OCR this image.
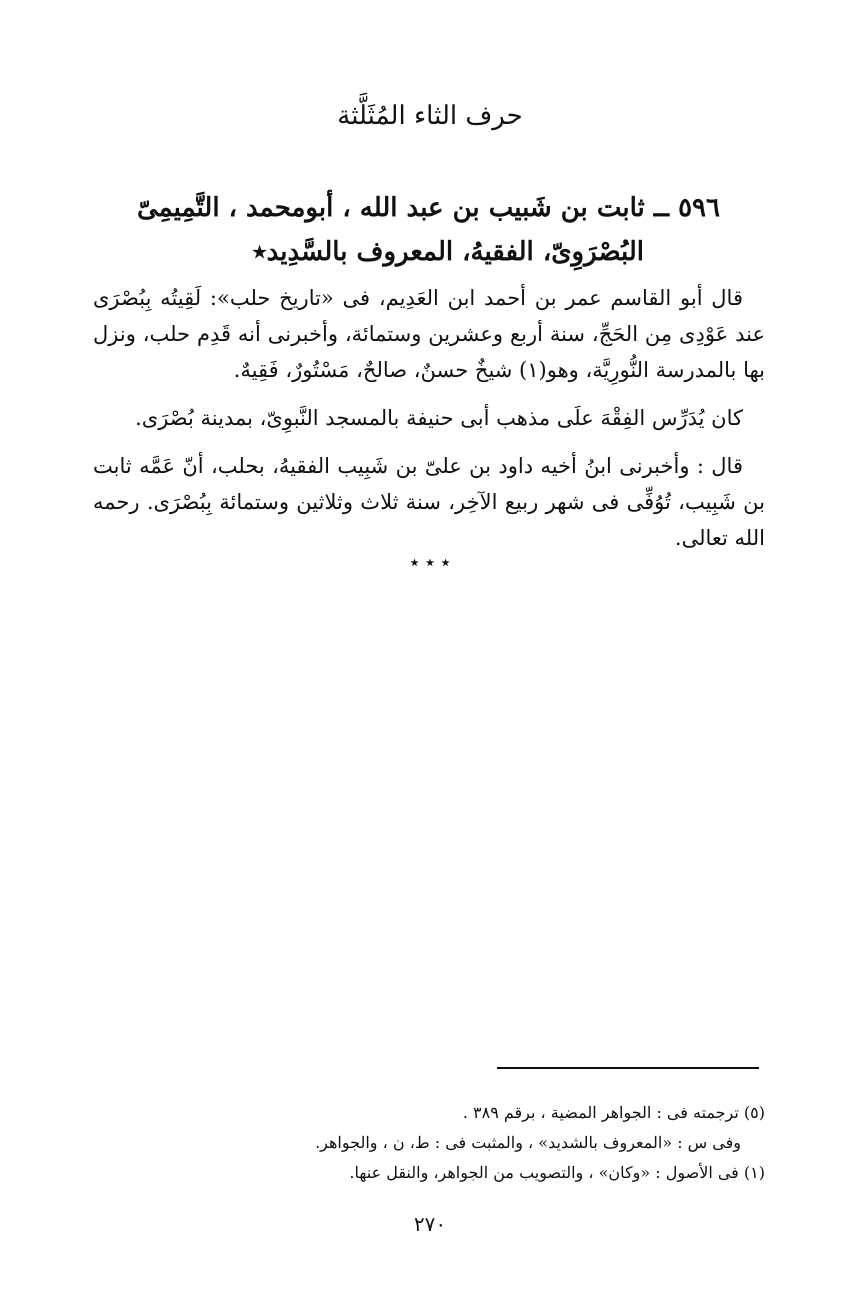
حرف الثاء المُثَلَّثة
٥٩٦ ــ ثابت بن شَبيب بن عبد الله ، أبومحمد ، التَّمِيمِىّ
البُصْرَوِىّ، الفقيهُ، المعروف بالسَّدِيد٭

قال أبو القاسم عمر بن أحمد ابن العَدِيم، فى «تاريخ حلب»: لَقِيتُه بِبُصْرَى عند عَوْدِى مِن الحَجِّ، سنة أربع وعشرين وستمائة، وأخبرنى أنه قَدِم حلب، ونزل بها بالمدرسة النُّورِيَّة، وهو(١) شيخٌ حسنٌ، صالحٌ، مَسْتُورٌ، فَقِيهٌ.

كان يُدَرِّس الفِقْهَ علَى مذهب أبى حنيفة بالمسجد النَّبوِىّ، بمدينة بُصْرَى.

قال : وأخبرنى ابنُ أخيه داود بن علىّ بن شَبِيب الفقيهُ، بحلب، أنّ عَمَّه ثابت بن شَبِيب، تُوُفِّى فى شهر ربيع الآخِر، سنة ثلاث وثلاثين وستمائة بِبُصْرَى. رحمه الله تعالى.

٭ ٭ ٭
(٥) ترجمته فى : الجواهر المضية ، برقم ٣٨٩ .
وفى س : «المعروف بالشديد» ، والمثبت فى : ط، ن ، والجواهر.
(١) فى الأصول : «وكان» ، والتصويب من الجواهر، والنقل عنها.
٢٧٠
